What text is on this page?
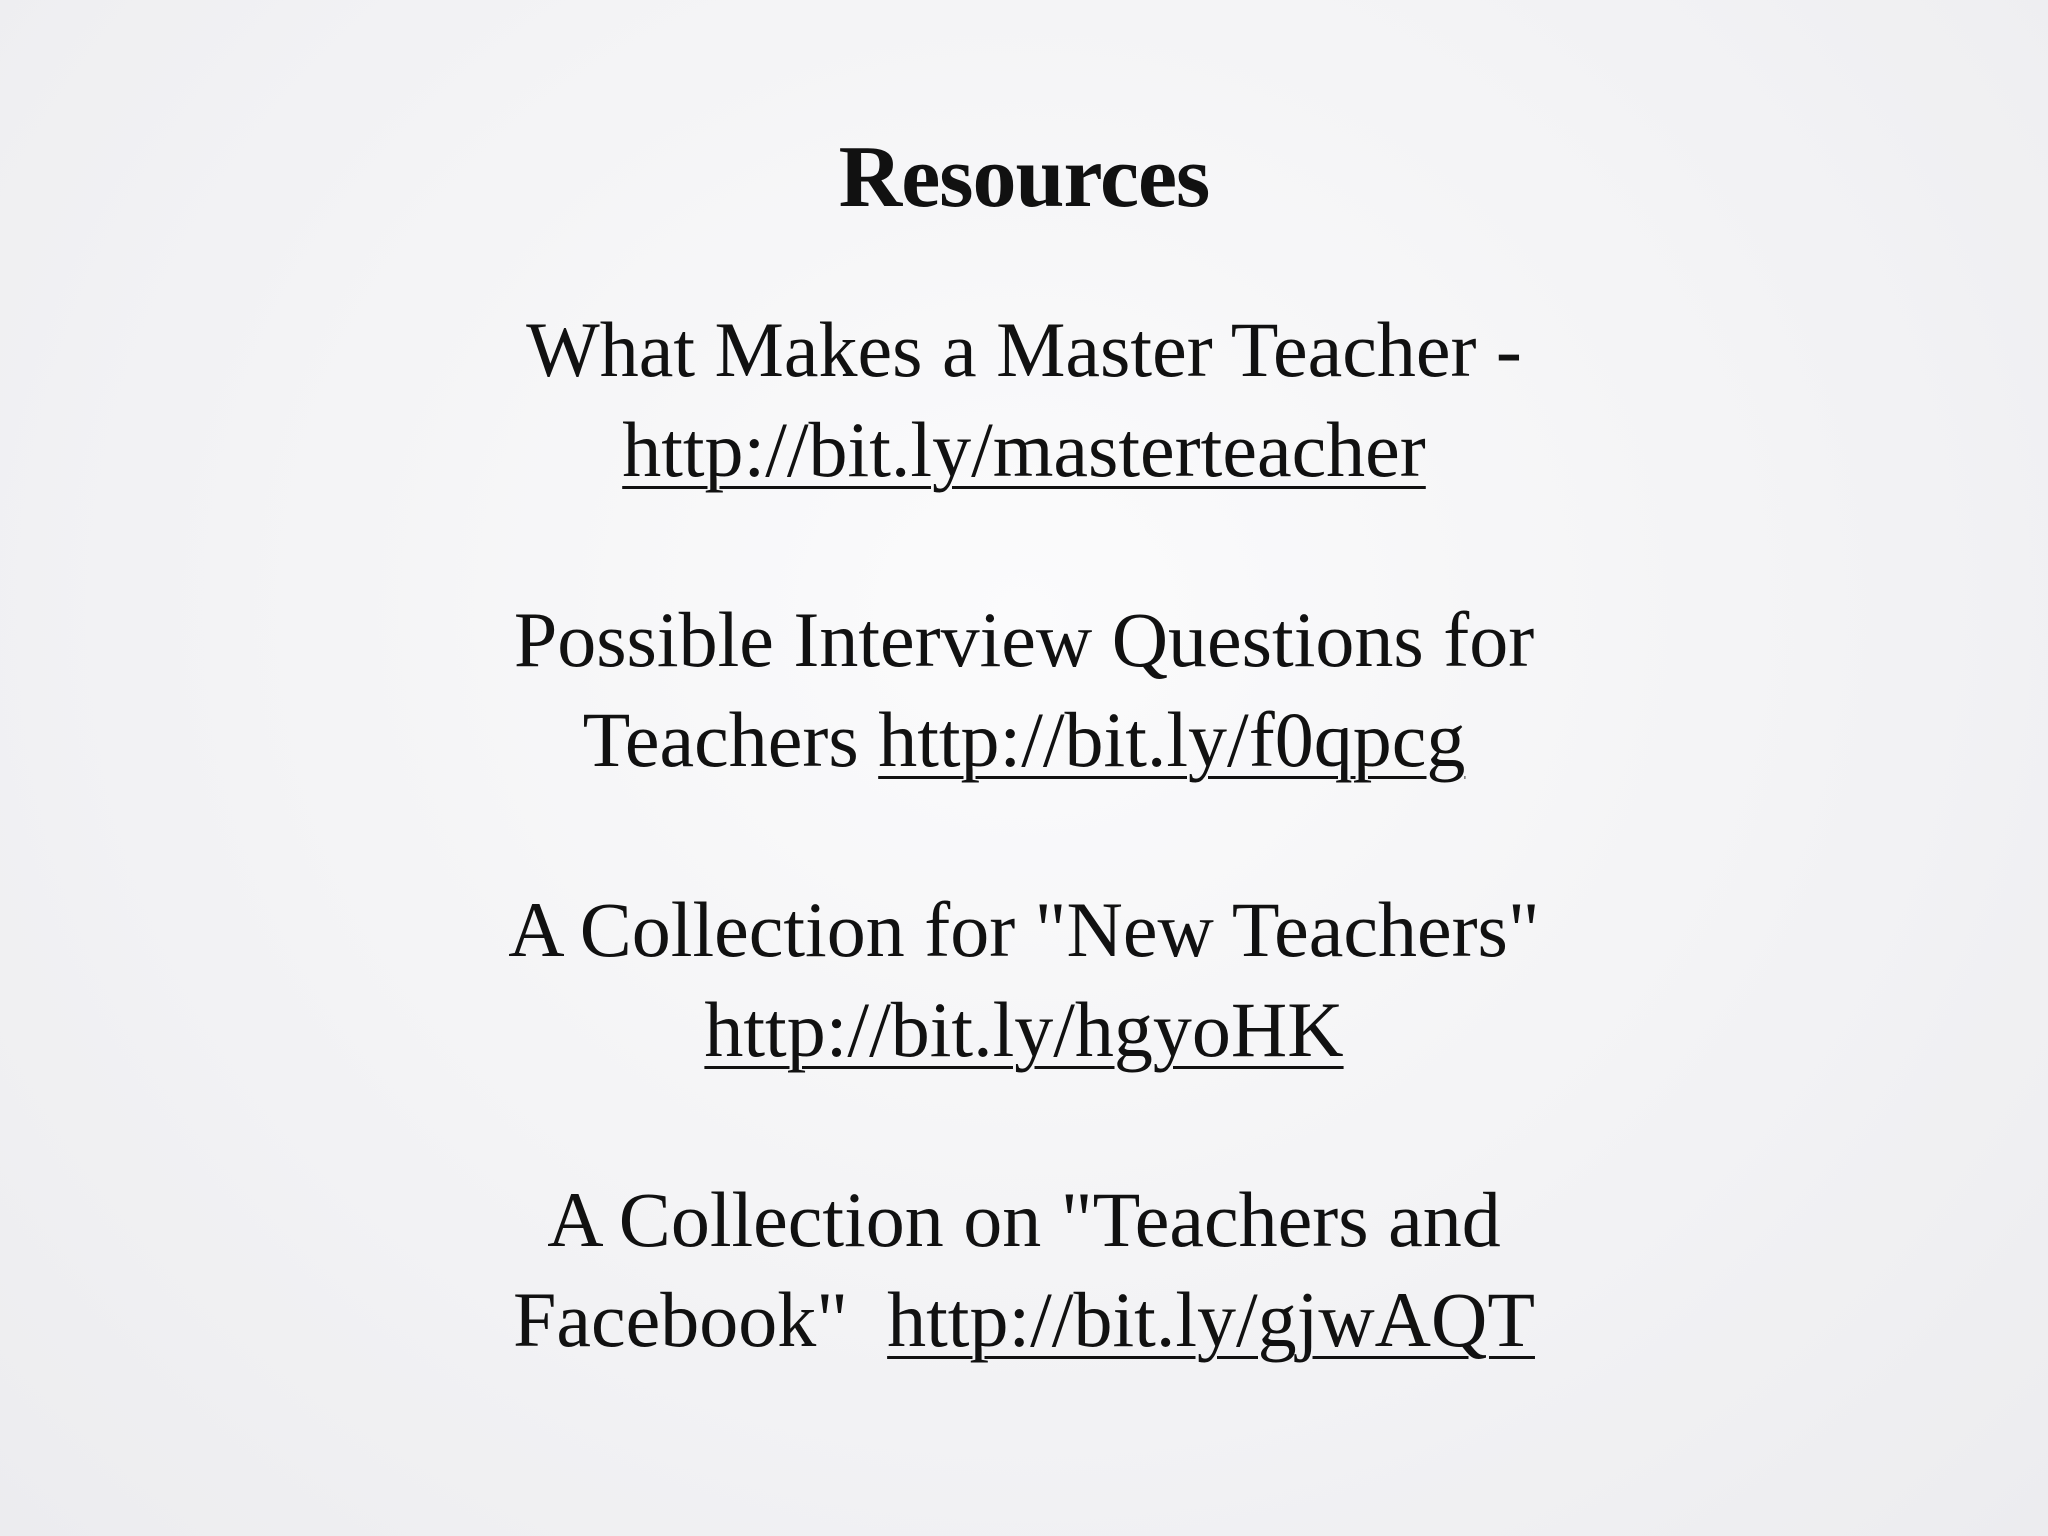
Resources
What Makes a Master Teacher -
http://bit.ly/masterteacher
Possible Interview Questions for Teachers http://bit.ly/f0qpcg
A Collection for "New Teachers"
http://bit.ly/hgyoHK
A Collection on "Teachers and Facebook" http://bit.ly/gjwAQT
